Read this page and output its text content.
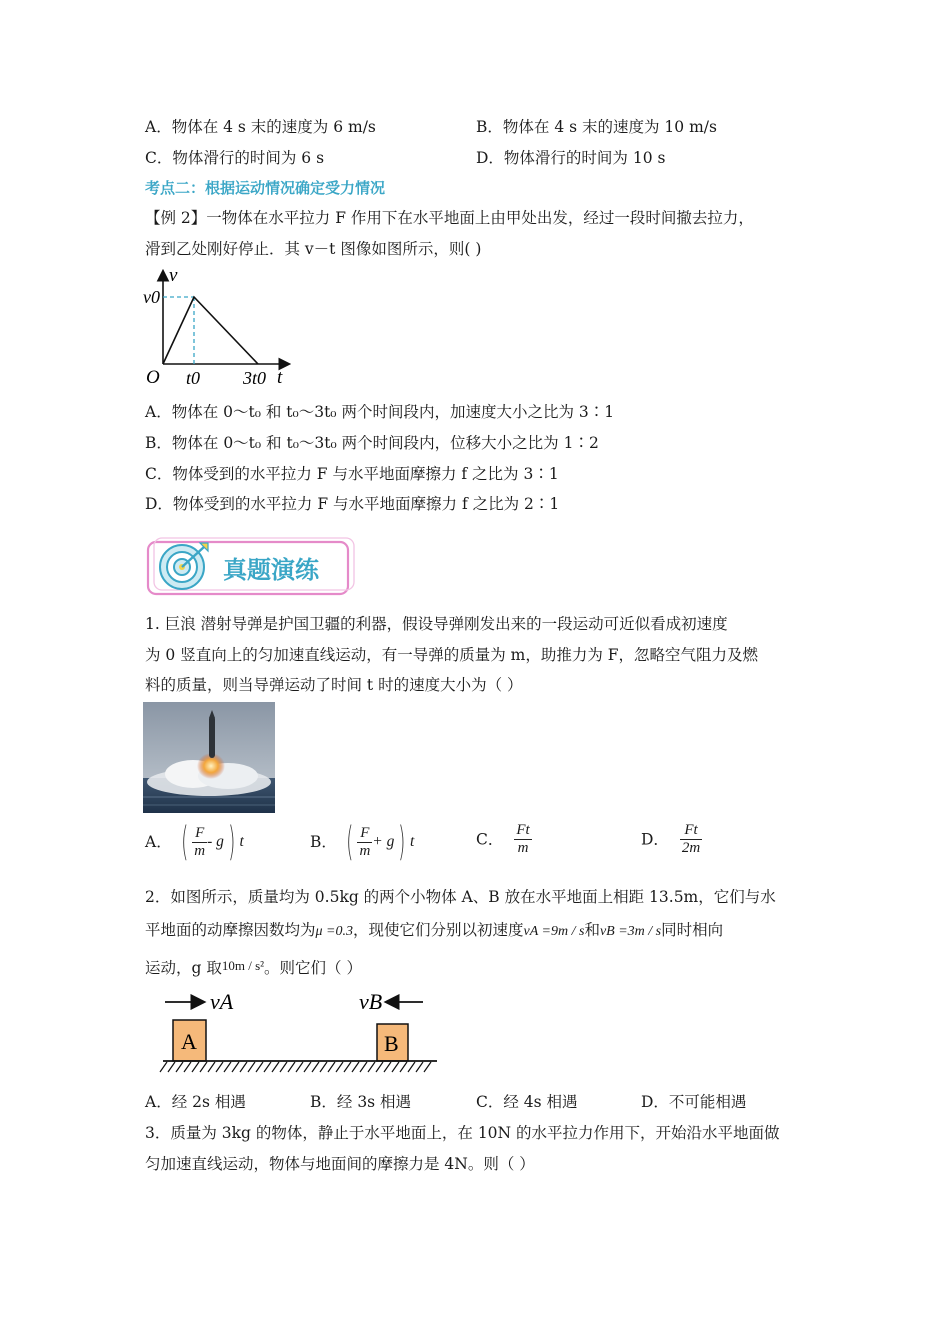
A．物体在 4 s 末的速度为 6 m/s	B．物体在 4 s 末的速度为 10 m/s
C．物体滑行的时间为 6 s	D．物体滑行的时间为 10 s
考点二：根据运动情况确定受力情况
【例 2】一物体在水平拉力 F 作用下在水平地面上由甲处出发，经过一段时间撤去拉力，
滑到乙处刚好停止．其 v－t 图像如图所示，则( )
v
v0
O t0 3t0 t
A．物体在 0～t₀ 和 t₀～3t₀ 两个时间段内，加速度大小之比为 3∶1
B．物体在 0～t₀ 和 t₀～3t₀ 两个时间段内，位移大小之比为 1∶2
C．物体受到的水平拉力 F 与水平地面摩擦力 f 之比为 3∶1
D．物体受到的水平拉力 F 与水平地面摩擦力 f 之比为 2∶1
真题演练
1. 巨浪 潜射导弹是护国卫疆的利器，假设导弹刚发出来的一段运动可近似看成初速度
为 0 竖直向上的匀加速直线运动，有一导弹的质量为 m，助推力为 F，忽略空气阻力及燃
料的质量，则当导弹运动了时间 t 时的速度大小为（ ）
A． ( $\frac{F}{m}$ - g ) t	B． ( $\frac{F}{m} + g$ ) t	C． $\frac{Ft}{m}$	D． $\frac{Ft}{2m}$
2．如图所示，质量均为 0.5kg 的两个小物体 A、B 放在水平地面上相距 13.5m，它们与水
平地面的动摩擦因数均为μ =0.3，现使它们分别以初速度vA =9m / s和vB =3m / s同时相向
运动，g 取10m / s²。则它们（ ）
vA	vB
A	B
A．经 2s 相遇	B．经 3s 相遇	C．经 4s 相遇	D．不可能相遇
3．质量为 3kg 的物体，静止于水平地面上，在 10N 的水平拉力作用下，开始沿水平地面做
匀加速直线运动，物体与地面间的摩擦力是 4N。则（ ）
